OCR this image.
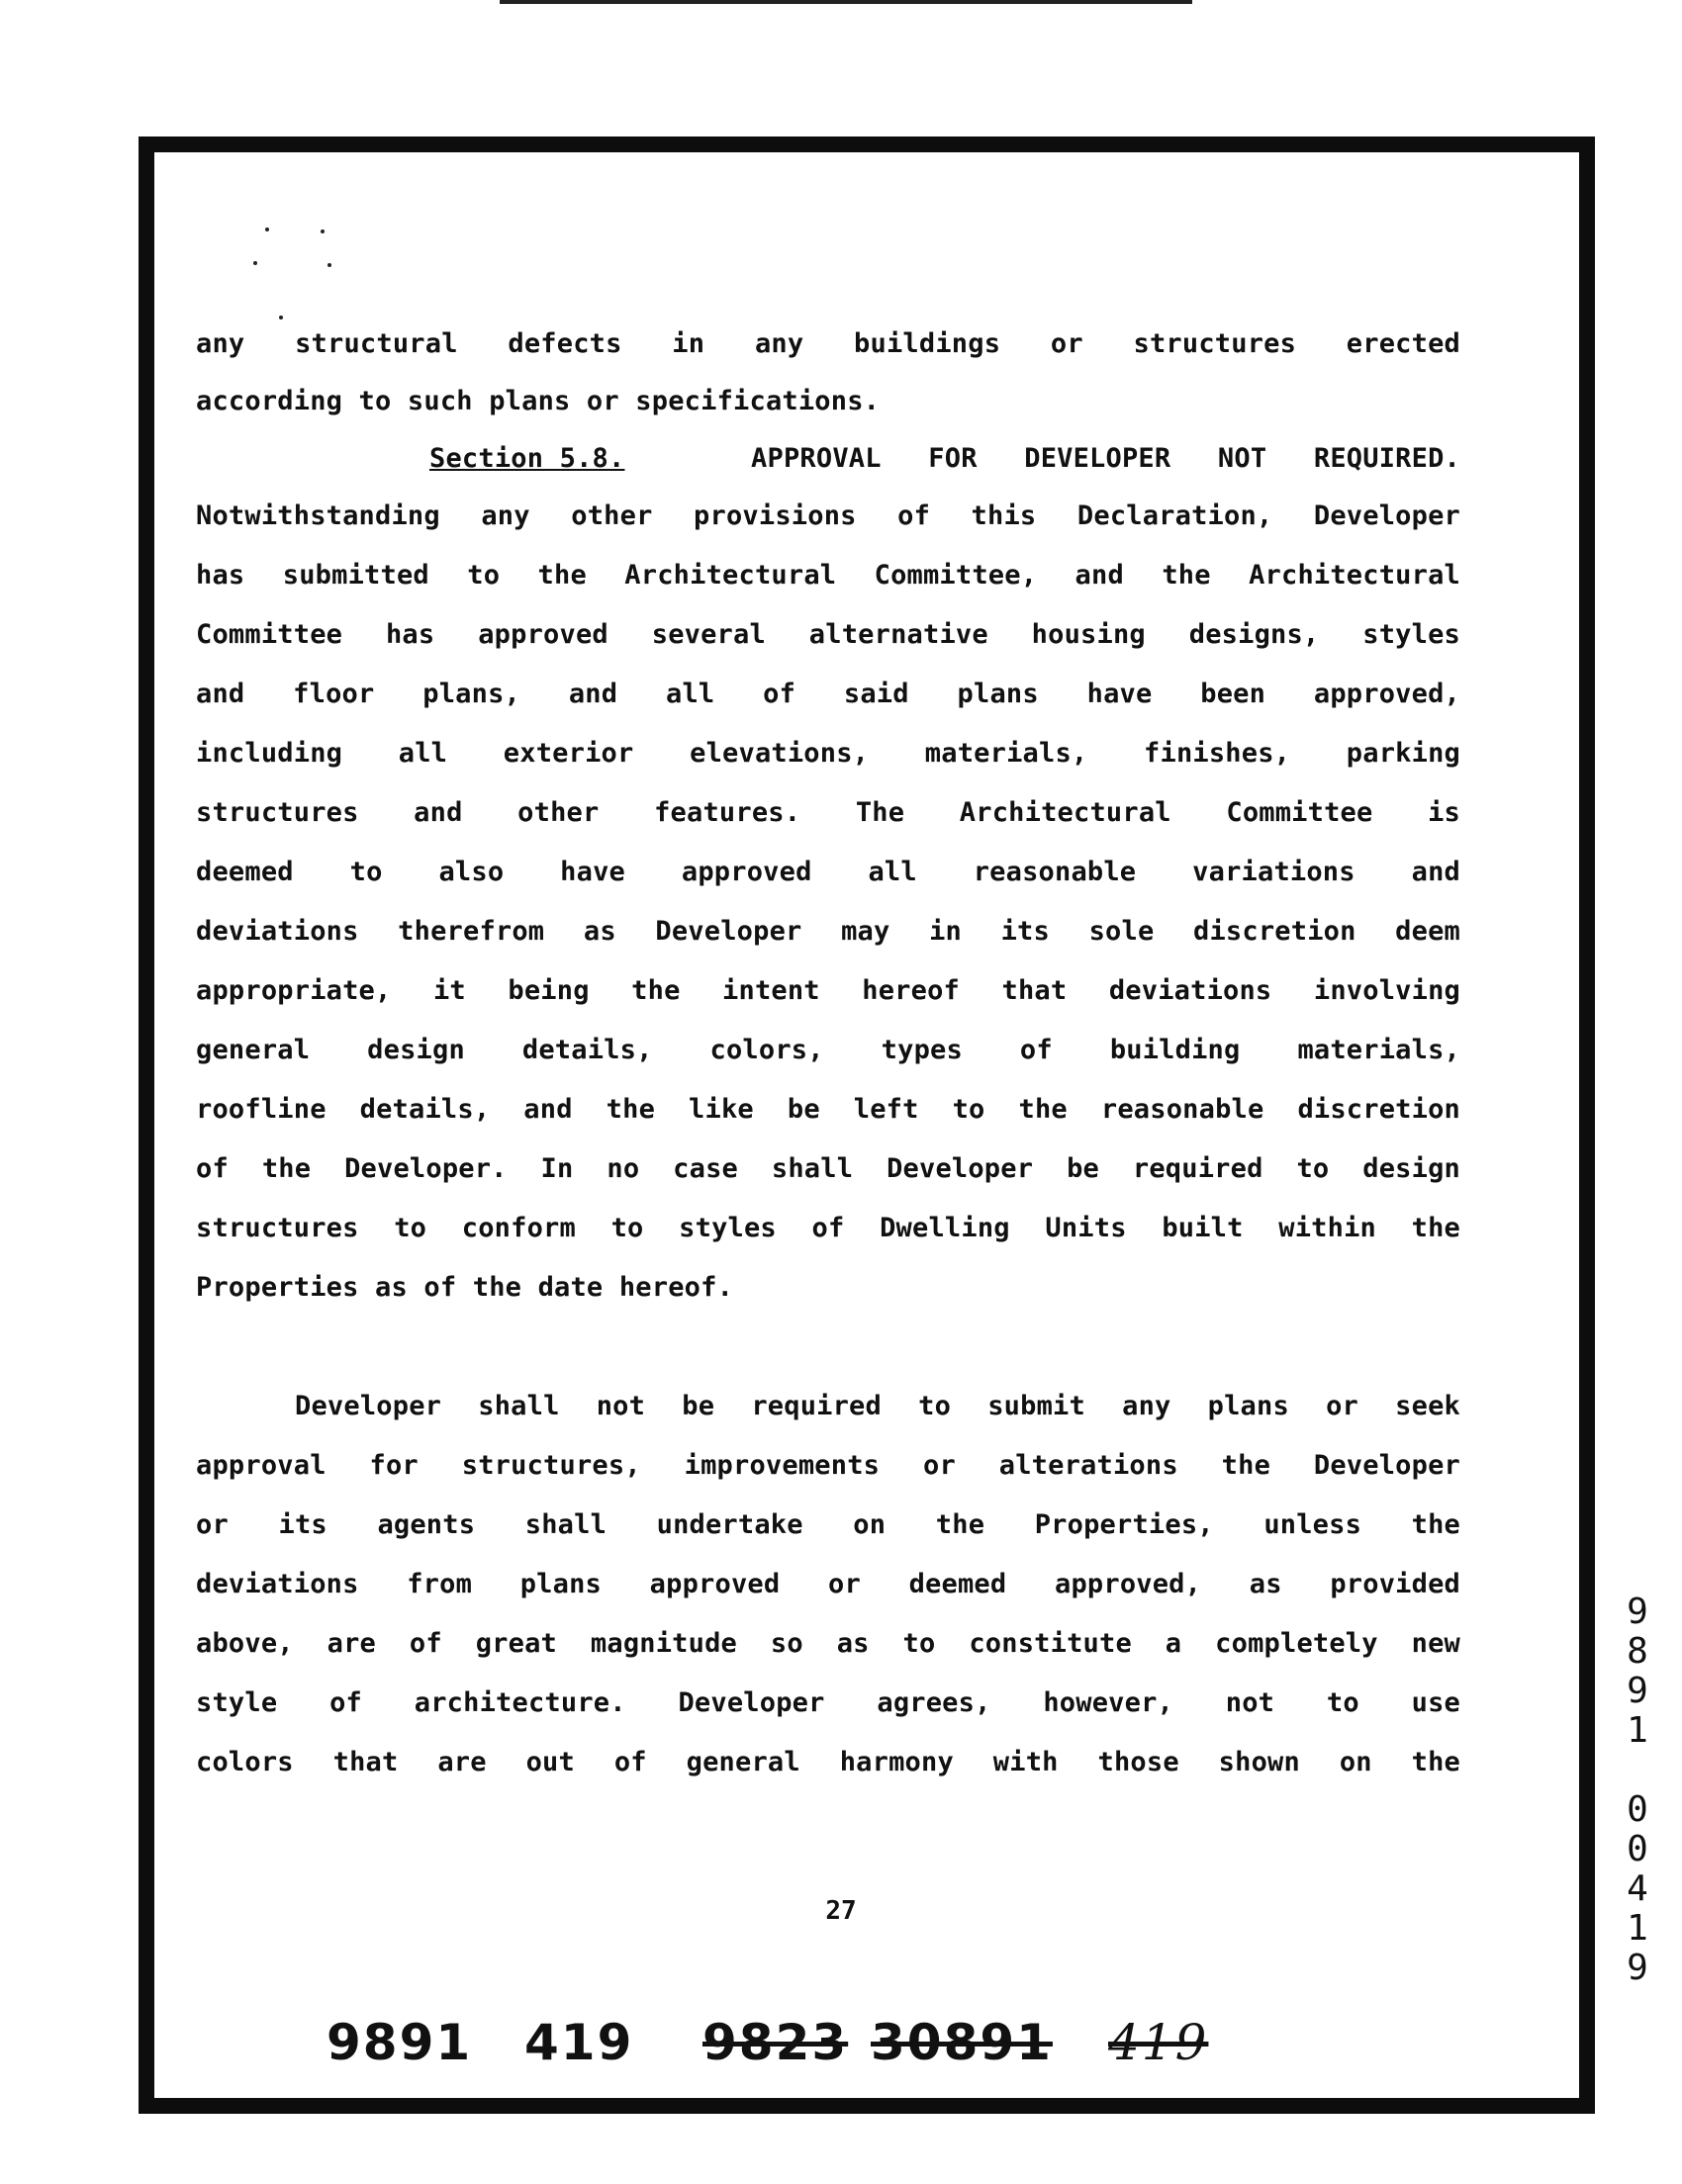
any structural defects in any buildings or structures erected
according to such plans or specifications.
Section 5.8.	APPROVAL FOR DEVELOPER NOT REQUIRED.
Notwithstanding any other provisions of this Declaration, Developer
has submitted to the Architectural Committee, and the Architectural
Committee has approved several alternative housing designs, styles
and floor plans, and all of said plans have been approved,
including all exterior elevations, materials, finishes, parking
structures and other features. The Architectural Committee is
deemed to also have approved all reasonable variations and
deviations therefrom as Developer may in its sole discretion deem
appropriate, it being the intent hereof that deviations involving
general design details, colors, types of building materials,
roofline details, and the like be left to the reasonable discretion
of the Developer. In no case shall Developer be required to design
structures to conform to styles of Dwelling Units built within the
Properties as of the date hereof.
Developer shall not be required to submit any plans or seek
approval for structures, improvements or alterations the Developer
or its agents shall undertake on the Properties, unless the
deviations from plans approved or deemed approved, as provided
above, are of great magnitude so as to constitute a completely new
style of architecture. Developer agrees, however, not to use
colors that are out of general harmony with those shown on the
27
9
8
9
1

0
0
4
1
9
9891 419 9823 30891 419
